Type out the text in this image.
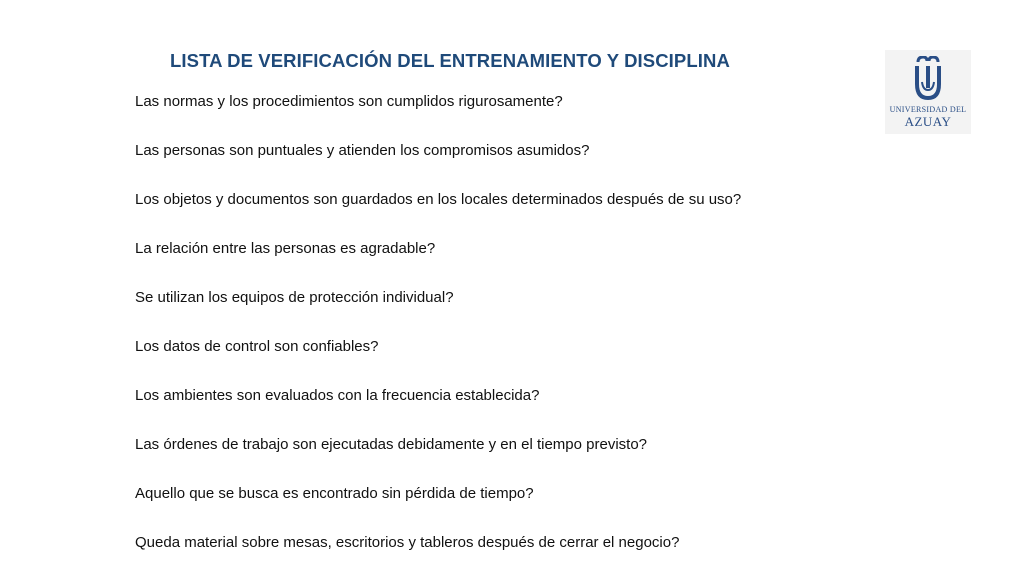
LISTA DE VERIFICACIÓN DEL ENTRENAMIENTO Y DISCIPLINA
Las normas y los procedimientos son cumplidos rigurosamente?
Las personas son puntuales y atienden los compromisos asumidos?
Los objetos y documentos son guardados en los locales determinados después de su uso?
La relación entre las personas es agradable?
Se utilizan los equipos de protección individual?
Los datos de control son confiables?
Los ambientes son evaluados con la frecuencia establecida?
Las órdenes de trabajo son ejecutadas debidamente y en el tiempo previsto?
Aquello que se busca es encontrado sin pérdida de tiempo?
Queda material sobre mesas, escritorios y tableros después de cerrar el negocio?
UNIVERSIDAD DEL
AZUAY
